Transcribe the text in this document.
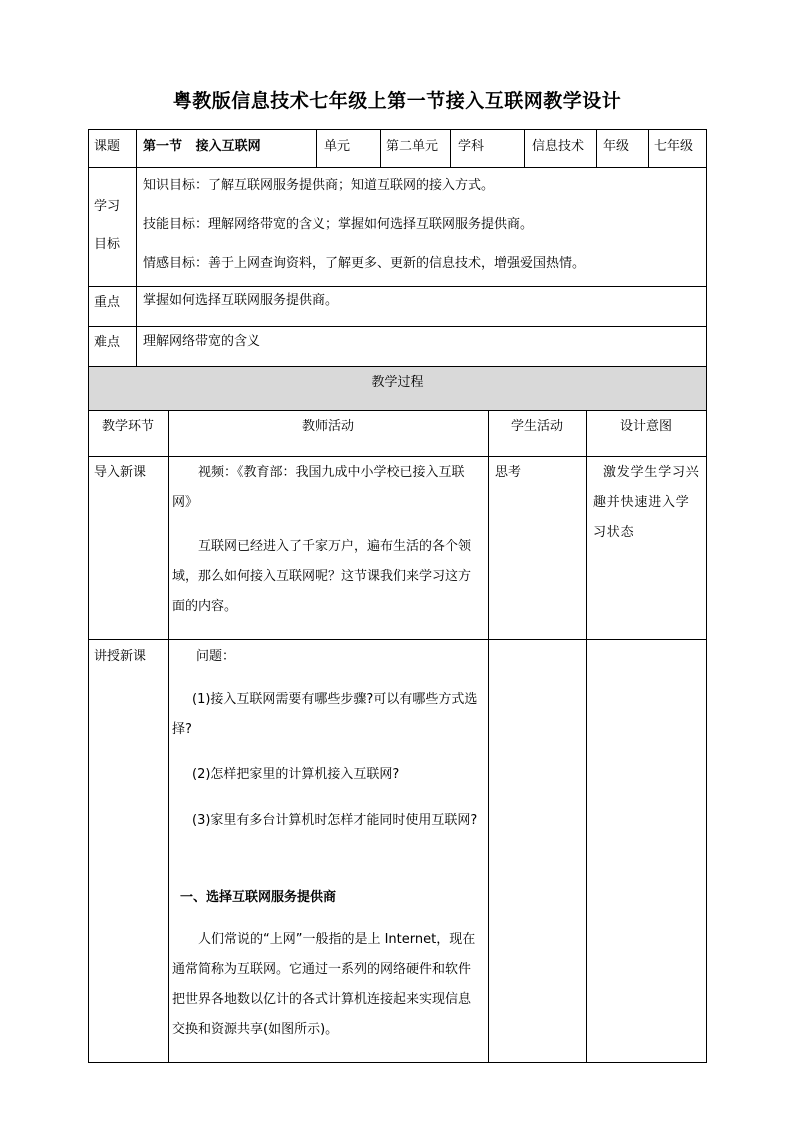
粤教版信息技术七年级上第一节接入互联网教学设计
课题 第一节   接入互联网	单元	第二单元 学科	信息技术 年级 七年级
学习
目标
知识目标：了解互联网服务提供商；知道互联网的接入方式。
技能目标：理解网络带宽的含义；掌握如何选择互联网服务提供商。
情感目标：善于上网查询资料，了解更多、更新的信息技术，增强爱国热情。
重点 掌握如何选择互联网服务提供商。
难点 理解网络带宽的含义
教学过程
教学环节	教师活动	学生活动	设计意图
导入新课	视频：《教育部：我国九成中小学校已接入互联网》
互联网已经进入了千家万户，遍布生活的各个领域，那么如何接入互联网呢？这节课我们来学习这方面的内容。
思考	激发学生学习兴趣并快速进入学习状态
讲授新课	问题：
(1)接入互联网需要有哪些步骤?可以有哪些方式选择?
(2)怎样把家里的计算机接入互联网?
(3)家里有多台计算机时怎样才能同时使用互联网?
一、选择互联网服务提供商
人们常说的“上网”一般指的是上 Internet，现在通常简称为互联网。它通过一系列的网络硬件和软件把世界各地数以亿计的各式计算机连接起来实现信息交换和资源共享(如图所示)。
